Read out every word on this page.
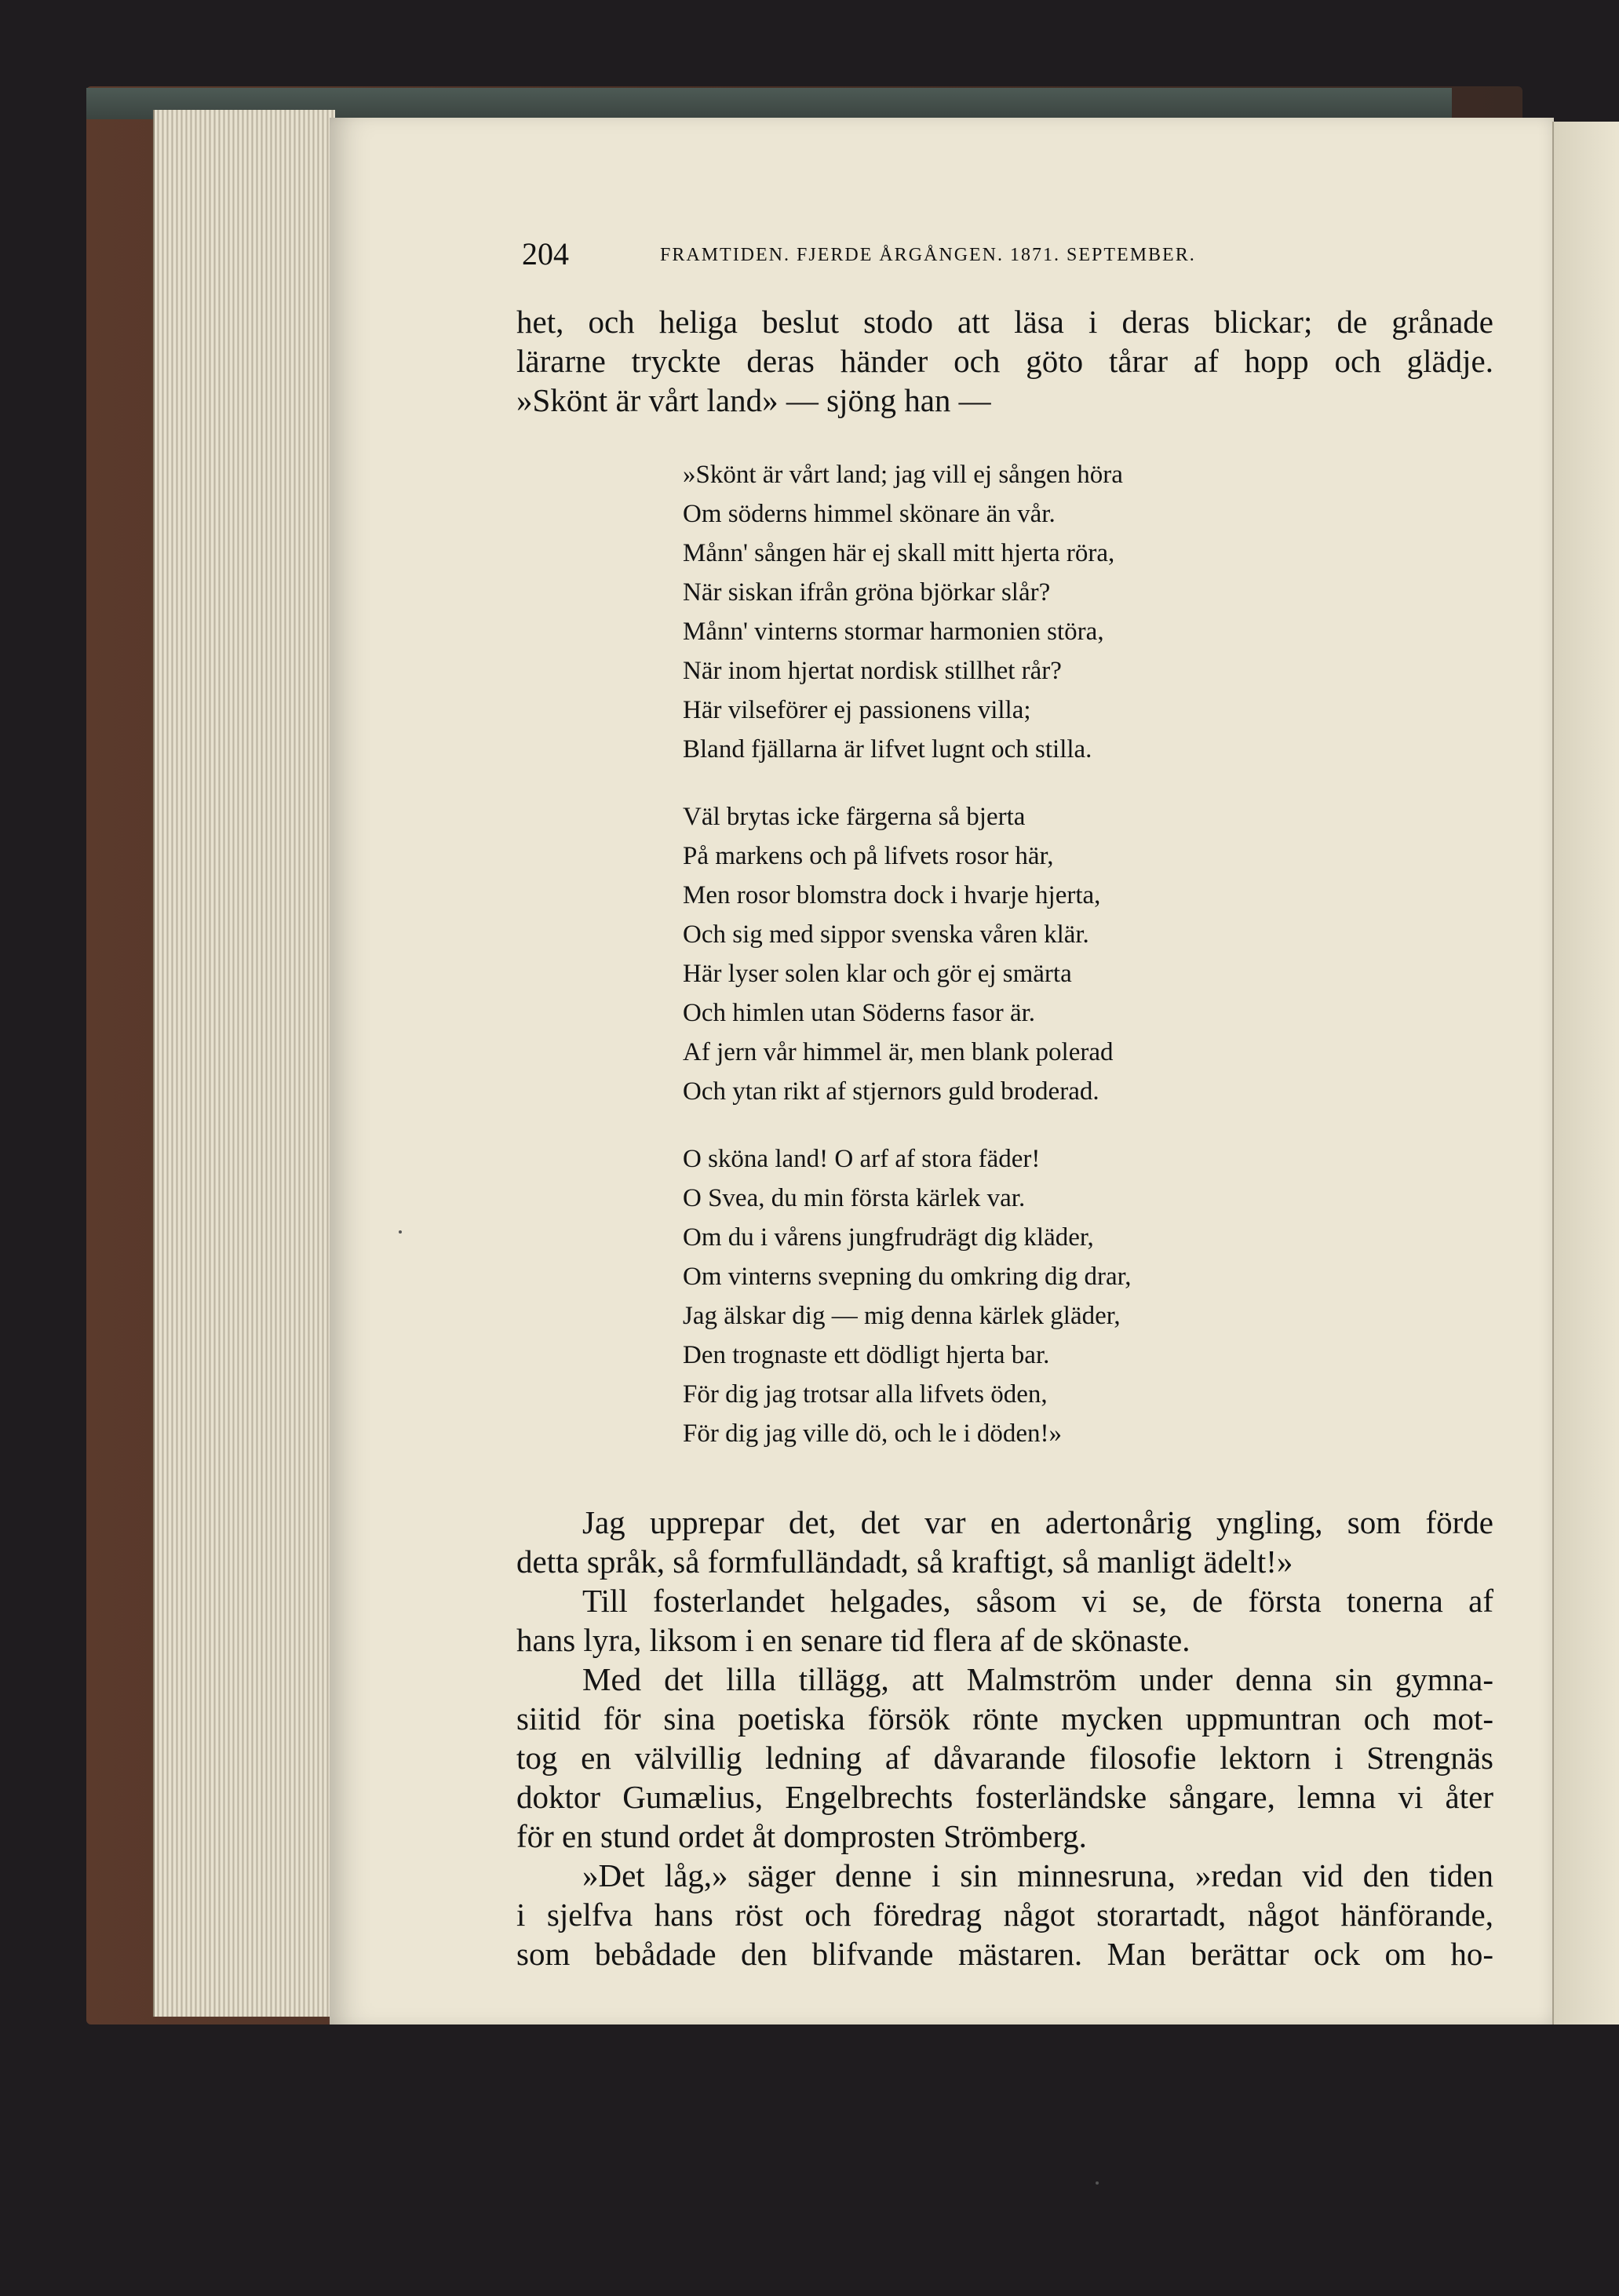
204	FRAMTIDEN. FJERDE ÅRGÅNGEN. 1871. SEPTEMBER.
het, och heliga beslut stodo att läsa i deras blickar; de grånade
lärarne tryckte deras händer och göto tårar af hopp och glädje.
»Skönt är vårt land» — sjöng han —
»Skönt är vårt land; jag vill ej sången höra
Om söderns himmel skönare än vår.
Månn' sången här ej skall mitt hjerta röra,
När siskan ifrån gröna björkar slår?
Månn' vinterns stormar harmonien störa,
När inom hjertat nordisk stillhet rår?
Här vilseförer ej passionens villa;
Bland fjällarna är lifvet lugnt och stilla.
Väl brytas icke färgerna så bjerta
På markens och på lifvets rosor här,
Men rosor blomstra dock i hvarje hjerta,
Och sig med sippor svenska våren klär.
Här lyser solen klar och gör ej smärta
Och himlen utan Söderns fasor är.
Af jern vår himmel är, men blank polerad
Och ytan rikt af stjernors guld broderad.
O sköna land! O arf af stora fäder!
O Svea, du min första kärlek var.
Om du i vårens jungfrudrägt dig kläder,
Om vinterns svepning du omkring dig drar,
Jag älskar dig — mig denna kärlek gläder,
Den trognaste ett dödligt hjerta bar.
För dig jag trotsar alla lifvets öden,
För dig jag ville dö, och le i döden!»

Jag upprepar det, det var en adertonårig yngling, som förde
detta språk, så formfulländadt, så kraftigt, så manligt ädelt!»

Till fosterlandet helgades, såsom vi se, de första tonerna af
hans lyra, liksom i en senare tid flera af de skönaste.

Med det lilla tillägg, att Malmström under denna sin gymna-
siitid för sina poetiska försök rönte mycken uppmuntran och mot-
tog en välvillig ledning af dåvarande filosofie lektorn i Strengnäs
doktor Gumælius, Engelbrechts fosterländske sångare, lemna vi åter
för en stund ordet åt domprosten Strömberg.

»Det låg,» säger denne i sin minnesruna, »redan vid den tiden
i sjelfva hans röst och föredrag något storartadt, något hänförande,
som bebådade den blifvande mästaren. Man berättar ock om ho-
